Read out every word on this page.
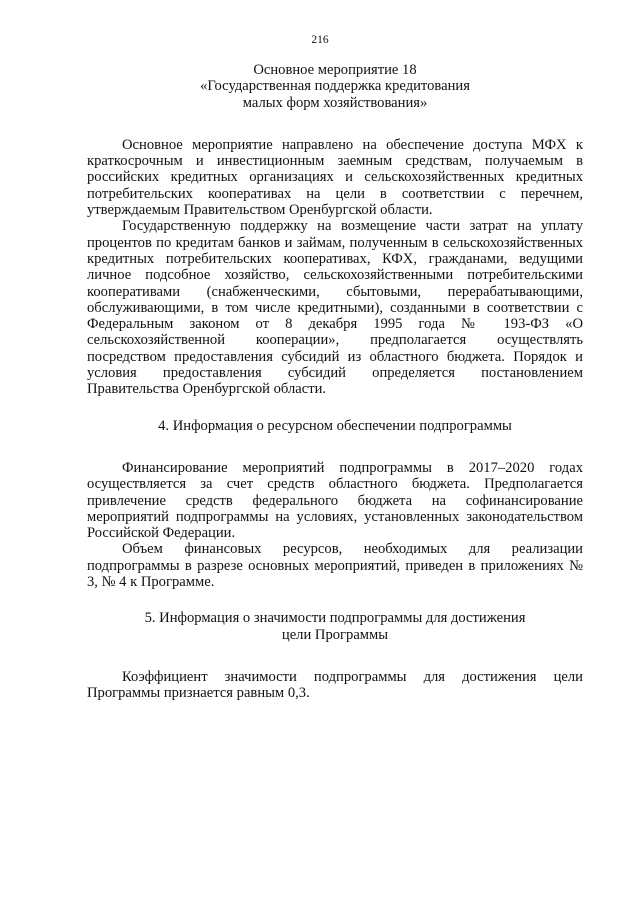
216
Основное мероприятие 18
«Государственная поддержка кредитования
малых форм хозяйствования»

Основное мероприятие направлено на обеспечение доступа МФХ к краткосрочным и инвестиционным заемным средствам, получаемым в российских кредитных организациях и сельскохозяйственных кредитных потребительских кооперативах на цели в соответствии с перечнем, утверждаемым Правительством Оренбургской области.

Государственную поддержку на возмещение части затрат на уплату процентов по кредитам банков и займам, полученным в сельскохозяйственных кредитных потребительских кооперативах, КФХ, гражданами, ведущими личное подсобное хозяйство, сельскохозяйственными потребительскими кооперативами (снабженческими, сбытовыми, перерабатывающими, обслуживающими, в том числе кредитными), созданными в соответствии с Федеральным законом от 8 декабря 1995 года № 193-ФЗ «О сельскохозяйственной кооперации», предполагается осуществлять посредством предоставления субсидий из областного бюджета. Порядок и условия предоставления субсидий определяется постановлением Правительства Оренбургской области.

4. Информация о ресурсном обеспечении подпрограммы

Финансирование мероприятий подпрограммы в 2017–2020 годах осуществляется за счет средств областного бюджета. Предполагается привлечение средств федерального бюджета на софинансирование мероприятий подпрограммы на условиях, установленных законодательством Российской Федерации.

Объем финансовых ресурсов, необходимых для реализации подпрограммы в разрезе основных мероприятий, приведен в приложениях № 3, № 4 к Программе.

5. Информация о значимости подпрограммы для достижения
цели Программы

Коэффициент значимости подпрограммы для достижения цели Программы признается равным 0,3.
